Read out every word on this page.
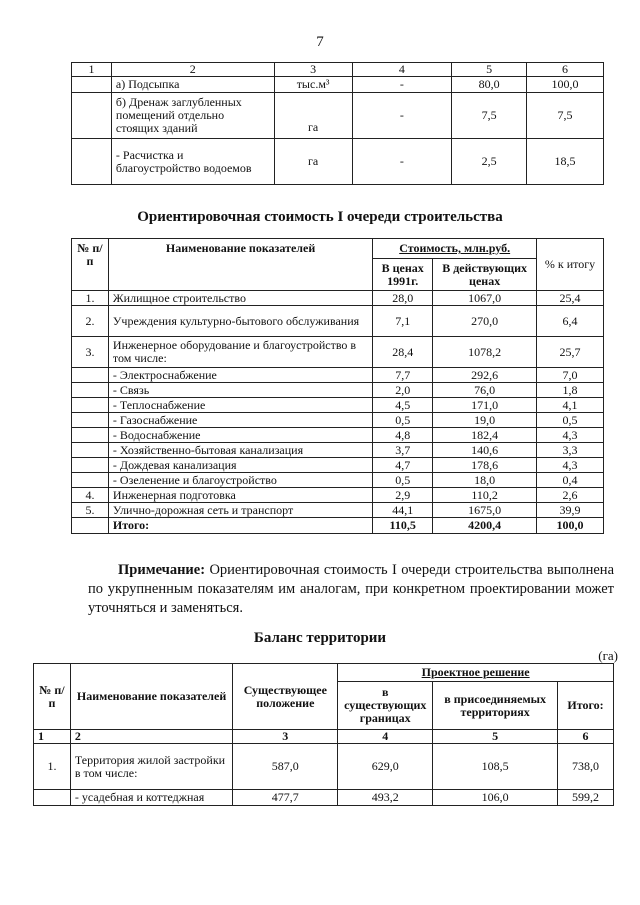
7
1	2	3	4	5	6
	а) Подсыпка	тыс.м³	-	80,0	100,0
	б) Дренаж заглубленных помещений отдельно стоящих зданий	га	-	7,5	7,5
	- Расчистка и благоустройство водоемов	га	-	2,5	18,5
Ориентировочная стоимость I очереди строительства
№ п/п	Наименование показателей	Стоимость, млн.руб.		% к итогу
		В ценах 1991г.	В действующих ценах	
1.	Жилищное строительство	28,0	1067,0	25,4
2.	Учреждения культурно-бытового обслуживания	7,1	270,0	6,4
3.	Инженерное оборудование и благоустройство в том числе:	28,4	1078,2	25,7
	- Электроснабжение	7,7	292,6	7,0
	- Связь	2,0	76,0	1,8
	- Теплоснабжение	4,5	171,0	4,1
	- Газоснабжение	0,5	19,0	0,5
	- Водоснабжение	4,8	182,4	4,3
	- Хозяйственно-бытовая канализация	3,7	140,6	3,3
	- Дождевая канализация	4,7	178,6	4,3
	- Озеленение и благоустройство	0,5	18,0	0,4
4.	Инженерная подготовка	2,9	110,2	2,6
5.	Улично-дорожная сеть и транспорт	44,1	1675,0	39,9
	Итого:	110,5	4200,4	100,0
Примечание: Ориентировочная стоимость I очереди строительства выполнена по укрупненным показателям им аналогам, при конкретном проектировании может уточняться и заменяться.
Баланс территории
(га)
№ п/п	Наименование показателей	Существующее положение	Проектное решение		
			в существующих границах	в присоединяемых территориях	Итого:
1	2	3	4	5	6
1.	Территория жилой застройки в том числе:	587,0	629,0	108,5	738,0
	- усадебная и коттеджная	477,7	493,2	106,0	599,2
